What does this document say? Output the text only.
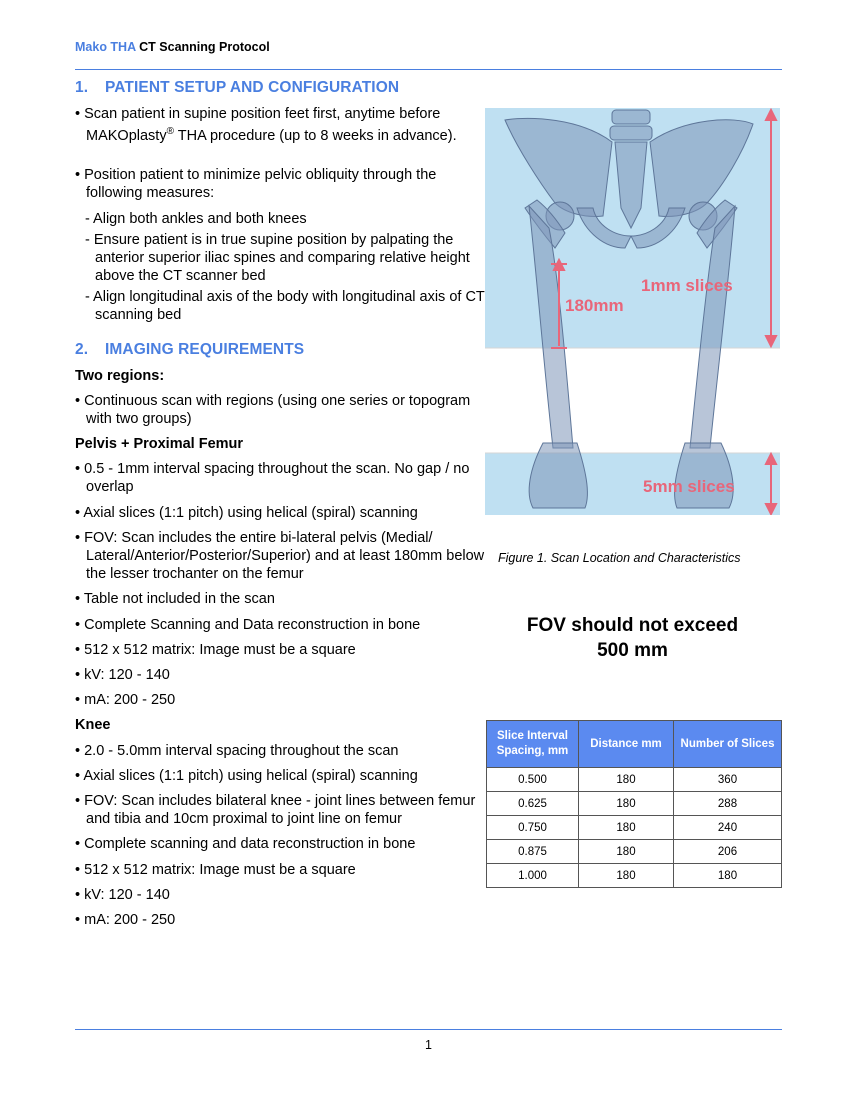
Mako THA CT Scanning Protocol
1. PATIENT SETUP AND CONFIGURATION
• Scan patient in supine position feet first, anytime before MAKOplasty® THA procedure (up to 8 weeks in advance).
• Position patient to minimize pelvic obliquity through the following measures:
- Align both ankles and both knees
- Ensure patient is in true supine position by palpating the anterior superior iliac spines and comparing relative height above the CT scanner bed
- Align longitudinal axis of the body with longitudinal axis of CT scanning bed
2. IMAGING REQUIREMENTS
Two regions:
• Continuous scan with regions (using one series or topogram with two groups)
Pelvis + Proximal Femur
• 0.5 - 1mm interval spacing throughout the scan. No gap / no overlap
• Axial slices (1:1 pitch) using helical (spiral) scanning
• FOV: Scan includes the entire bi-lateral pelvis (Medial/ Lateral/Anterior/Posterior/Superior) and at least 180mm below the lesser trochanter on the femur
• Table not included in the scan
• Complete Scanning and Data reconstruction in bone
• 512 x 512 matrix: Image must be a square
• kV: 120 - 140
• mA: 200 - 250
Knee
• 2.0 - 5.0mm interval spacing throughout the scan
• Axial slices (1:1 pitch) using helical (spiral) scanning
• FOV: Scan includes bilateral knee - joint lines between femur and tibia and 10cm proximal to joint line on femur
• Complete scanning and data reconstruction in bone
• 512 x 512 matrix: Image must be a square
• kV: 120 - 140
• mA: 200 - 250
1mm slices
180mm
5mm slices
Figure 1. Scan Location and Characteristics
FOV should not exceed
500 mm
Slice Interval Spacing, mm	Distance mm	Number of Slices
0.500	180	360
0.625	180	288
0.750	180	240
0.875	180	206
1.000	180	180
1
